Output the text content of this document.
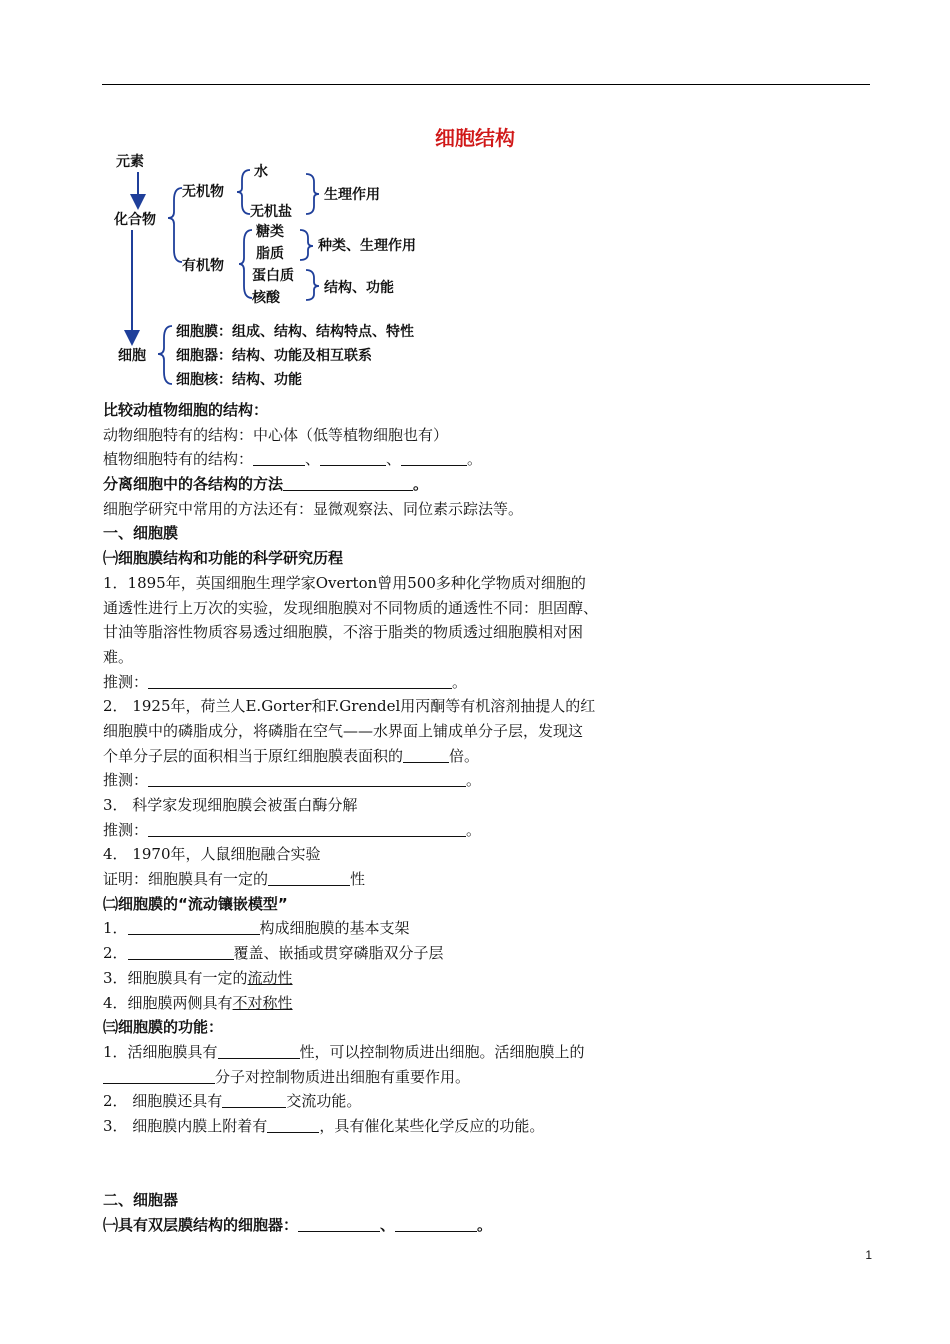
细胞结构
元素
化合物
无机物
水
无机盐
生理作用
有机物
糖类
脂质 种类、生理作用
蛋白质
核酸
结构、功能
细胞
细胞膜：组成、结构、结构特点、特性
细胞器：结构、功能及相互联系
细胞核：结构、功能
比较动植物细胞的结构：
动物细胞特有的结构：中心体（低等植物细胞也有）
植物细胞特有的结构：	、	、	。
分离细胞中的各结构的方法	。
细胞学研究中常用的方法还有：显微观察法、同位素示踪法等。
一、细胞膜
㈠细胞膜结构和功能的科学研究历程
1．1895年，英国细胞生理学家Overton曾用500多种化学物质对细胞的
通透性进行上万次的实验，发现细胞膜对不同物质的通透性不同：胆固醇、
甘油等脂溶性物质容易透过细胞膜，不溶于脂类的物质透过细胞膜相对困
难。
推测：	。
2． 1925年，荷兰人E.Gorter和F.Grendel用丙酮等有机溶剂抽提人的红
细胞膜中的磷脂成分，将磷脂在空气——水界面上铺成单分子层，发现这
个单分子层的面积相当于原红细胞膜表面积的	倍。
推测：	。
3． 科学家发现细胞膜会被蛋白酶分解
推测：	。
4． 1970年，人鼠细胞融合实验
证明：细胞膜具有一定的	性
㈡细胞膜的“流动镶嵌模型”
1．	构成细胞膜的基本支架
2．	覆盖、嵌插或贯穿磷脂双分子层
3．细胞膜具有一定的流动性
4．细胞膜两侧具有不对称性
㈢细胞膜的功能：
1．活细胞膜具有	性，可以控制物质进出细胞。活细胞膜上的
分子对控制物质进出细胞有重要作用。
2． 细胞膜还具有	交流功能。
3． 细胞膜内膜上附着有	，具有催化某些化学反应的功能。
二、细胞器
㈠具有双层膜结构的细胞器：	、	。
1
